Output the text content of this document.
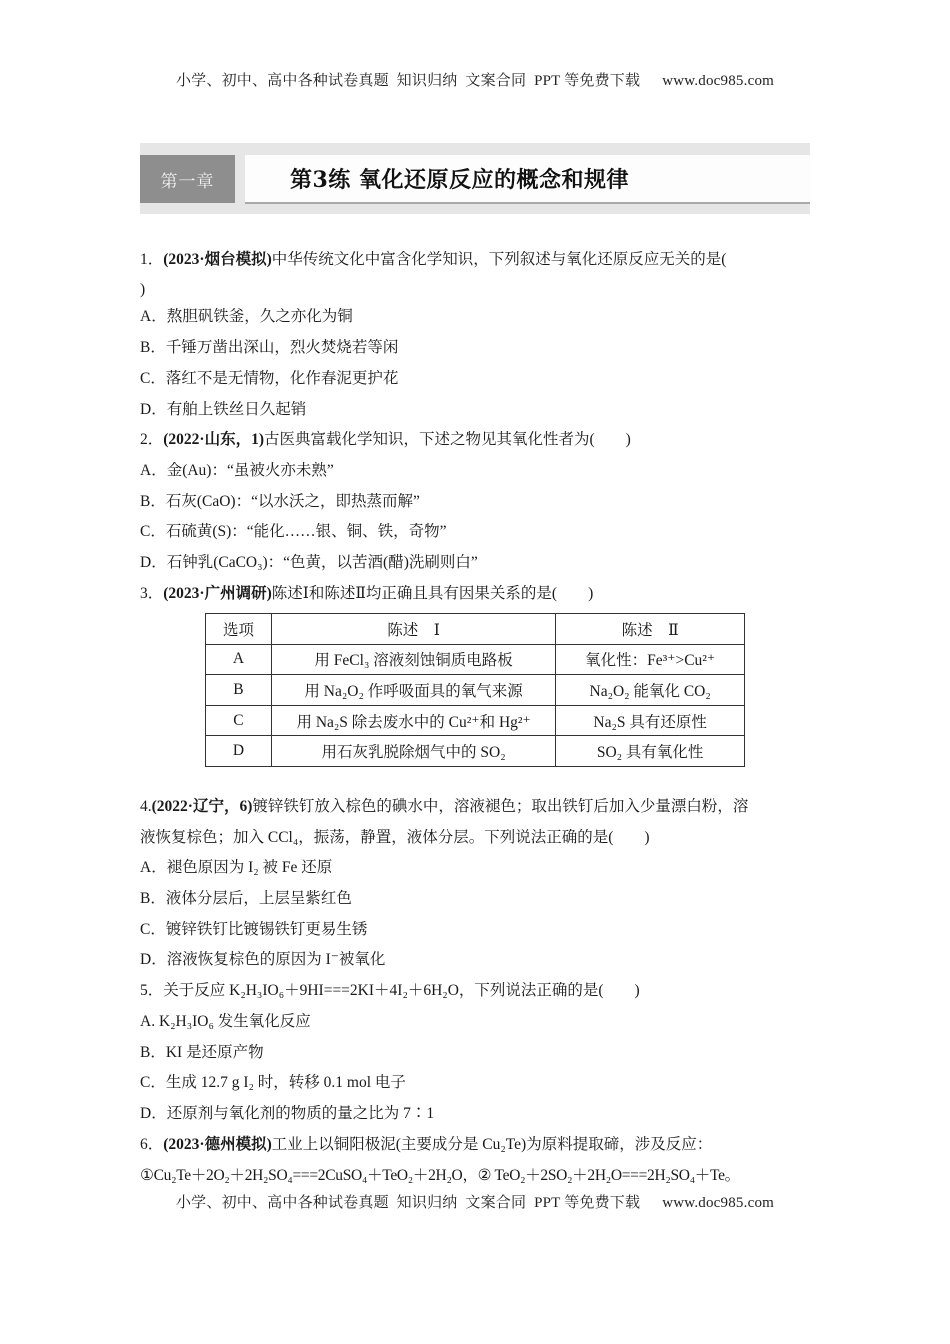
小学、初中、高中各种试卷真题  知识归纳  文案合同  PPT 等免费下载 www.doc985.com
第一章	第3练 氧化还原反应的概念和规律
1．(2023·烟台模拟)中华传统文化中富含化学知识，下列叙述与氧化还原反应无关的是(
)
A．熬胆矾铁釜，久之亦化为铜
B．千锤万凿出深山，烈火焚烧若等闲
C．落红不是无情物，化作春泥更护花
D．有舶上铁丝日久起销
2．(2022·山东，1)古医典富载化学知识，下述之物见其氧化性者为(　　)
A．金(Au)：“虽被火亦未熟”
B．石灰(CaO)：“以水沃之，即热蒸而解”
C．石硫黄(S)：“能化……银、铜、铁，奇物”
D．石钟乳(CaCO₃)：“色黄，以苦酒(醋)洗刷则白”
3．(2023·广州调研)陈述Ⅰ和陈述Ⅱ均正确且具有因果关系的是(　　)
选项	陈述　Ⅰ	陈述　Ⅱ
A	用 FeCl₃ 溶液刻蚀铜质电路板	氧化性：Fe³⁺>Cu²⁺
B	用 Na₂O₂ 作呼吸面具的氧气来源	Na₂O₂ 能氧化 CO₂
C	用 Na₂S 除去废水中的 Cu²⁺和 Hg²⁺	Na₂S 具有还原性
D	用石灰乳脱除烟气中的 SO₂	SO₂ 具有氧化性
4.(2022·辽宁，6)镀锌铁钉放入棕色的碘水中，溶液褪色；取出铁钉后加入少量漂白粉，溶
液恢复棕色；加入 CCl₄，振荡，静置，液体分层。下列说法正确的是(　　)
A．褪色原因为 I₂ 被 Fe 还原
B．液体分层后，上层呈紫红色
C．镀锌铁钉比镀锡铁钉更易生锈
D．溶液恢复棕色的原因为 I⁻被氧化
5．关于反应 K₂H₃IO₆＋9HI===2KI＋4I₂＋6H₂O，下列说法正确的是(　　)
A. K₂H₃IO₆ 发生氧化反应
B．KI 是还原产物
C．生成 12.7 g I₂ 时，转移 0.1 mol 电子
D．还原剂与氧化剂的物质的量之比为 7∶1
6．(2023·德州模拟)工业上以铜阳极泥(主要成分是 Cu₂Te)为原料提取碲，涉及反应：
①Cu₂Te＋2O₂＋2H₂SO₄===2CuSO₄＋TeO₂＋2H₂O，② TeO₂＋2SO₂＋2H₂O===2H₂SO₄＋Te。
小学、初中、高中各种试卷真题  知识归纳  文案合同  PPT 等免费下载 www.doc985.com
